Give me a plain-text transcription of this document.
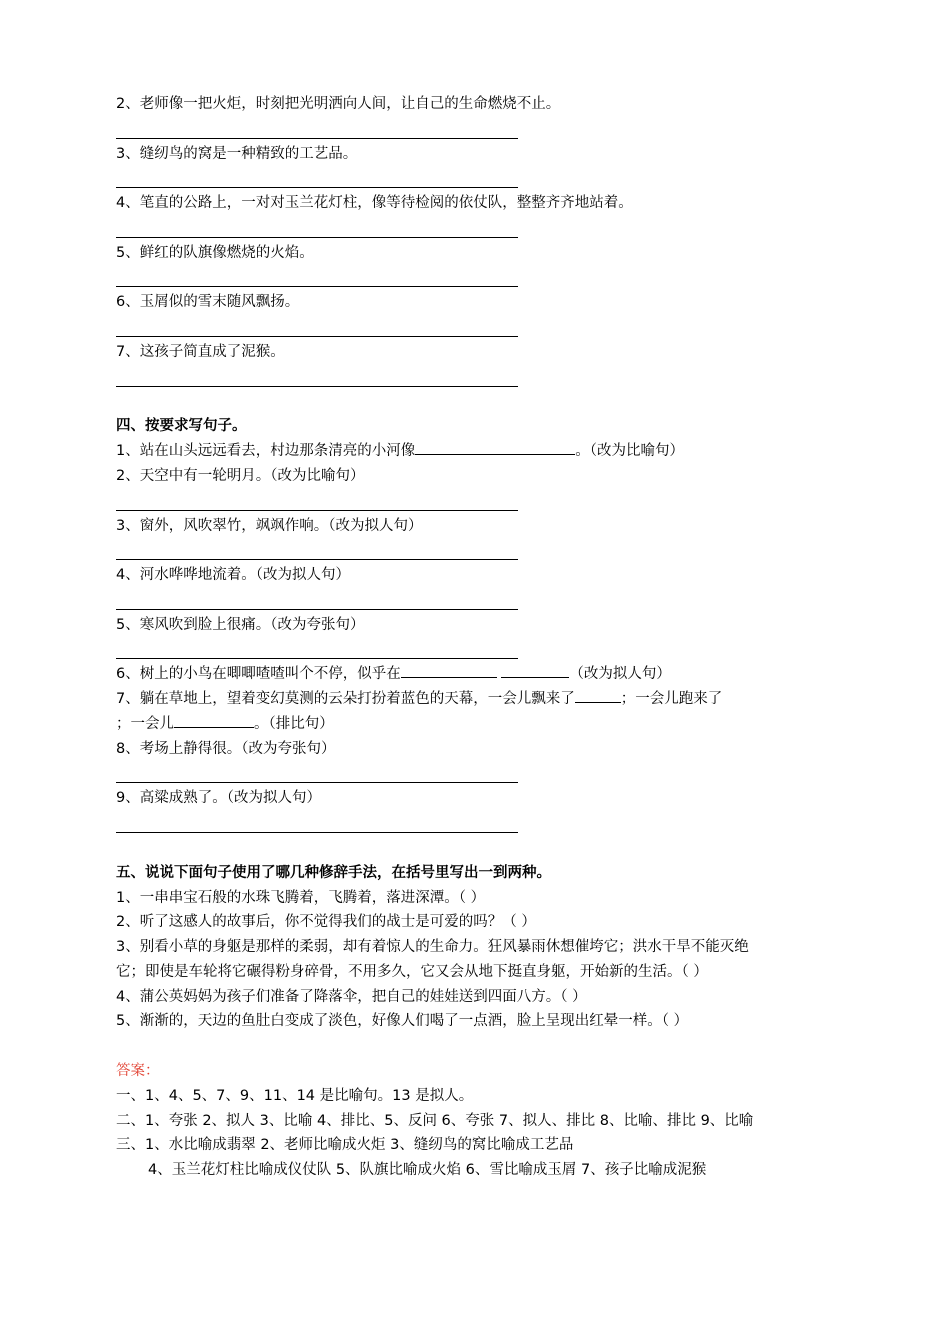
2、老师像一把火炬，时刻把光明洒向人间，让自己的生命燃烧不止。
3、缝纫鸟的窝是一种精致的工艺品。
4、笔直的公路上，一对对玉兰花灯柱，像等待检阅的依仗队，整整齐齐地站着。
5、鲜红的队旗像燃烧的火焰。
6、玉屑似的雪末随风飘扬。
7、这孩子简直成了泥猴。
四、按要求写句子。
1、站在山头远远看去，村边那条清亮的小河像	。（改为比喻句）
2、天空中有一轮明月。（改为比喻句）
3、窗外，风吹翠竹，飒飒作响。（改为拟人句）
4、河水哗哗地流着。（改为拟人句）
5、寒风吹到脸上很痛。（改为夸张句）
6、树上的小鸟在唧唧喳喳叫个不停，似乎在	（改为拟人句）
7、躺在草地上，望着变幻莫测的云朵打扮着蓝色的天幕，一会儿飘来了	；一会儿跑来了
；一会儿	。（排比句）
8、考场上静得很。（改为夸张句）
9、高粱成熟了。（改为拟人句）
五、说说下面句子使用了哪几种修辞手法，在括号里写出一到两种。
1、一串串宝石般的水珠飞腾着，飞腾着，落进深潭。（ ）
2、听了这感人的故事后，你不觉得我们的战士是可爱的吗？（ ）
3、别看小草的身躯是那样的柔弱，却有着惊人的生命力。狂风暴雨休想催垮它；洪水干旱不能灭绝
它；即使是车轮将它碾得粉身碎骨，不用多久，它又会从地下挺直身躯，开始新的生活。（ ）
4、蒲公英妈妈为孩子们准备了降落伞，把自己的娃娃送到四面八方。（ ）
5、渐渐的，天边的鱼肚白变成了淡色，好像人们喝了一点酒，脸上呈现出红晕一样。（ ）
答案：
一、1、4、5、7、9、11、14 是比喻句。13 是拟人。
二、1、夸张 2、拟人 3、比喻 4、排比、5、反问 6、夸张 7、拟人、排比 8、比喻、排比 9、比喻
三、1、水比喻成翡翠 2、老师比喻成火炬 3、缝纫鸟的窝比喻成工艺品
4、玉兰花灯柱比喻成仪仗队 5、队旗比喻成火焰 6、雪比喻成玉屑 7、孩子比喻成泥猴
